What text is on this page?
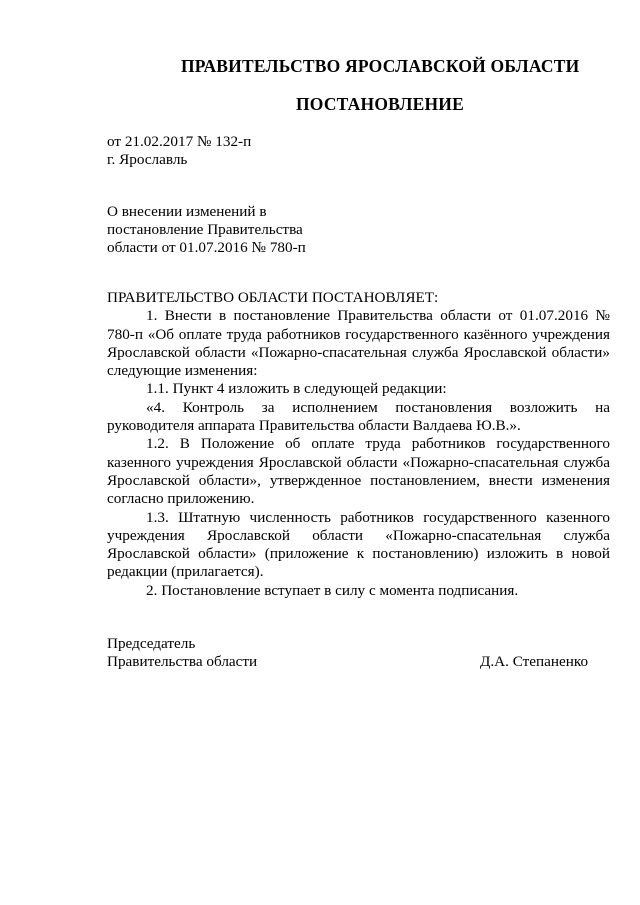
ПРАВИТЕЛЬСТВО ЯРОСЛАВСКОЙ ОБЛАСТИ
ПОСТАНОВЛЕНИЕ
от 21.02.2017 № 132-п
г. Ярославль
О внесении изменений в
постановление Правительства
области от 01.07.2016 № 780-п

ПРАВИТЕЛЬСТВО ОБЛАСТИ ПОСТАНОВЛЯЕТ:

1. Внести в постановление Правительства области от 01.07.2016 № 780-п «Об оплате труда работников государственного казённого учреждения Ярославской области «Пожарно-спасательная служба Ярославской области» следующие изменения:

1.1. Пункт 4 изложить в следующей редакции:

«4. Контроль за исполнением постановления возложить на руководителя аппарата Правительства области Валдаева Ю.В.».

1.2. В Положение об оплате труда работников государственного казенного учреждения Ярославской области «Пожарно-спасательная служба Ярославской области», утвержденное постановлением, внести изменения согласно приложению.

1.3. Штатную численность работников государственного казенного учреждения Ярославской области «Пожарно-спасательная служба Ярославской области» (приложение к постановлению) изложить в новой редакции (прилагается).

2. Постановление вступает в силу с момента подписания.

Председатель
Правительства области	Д.А. Степаненко
